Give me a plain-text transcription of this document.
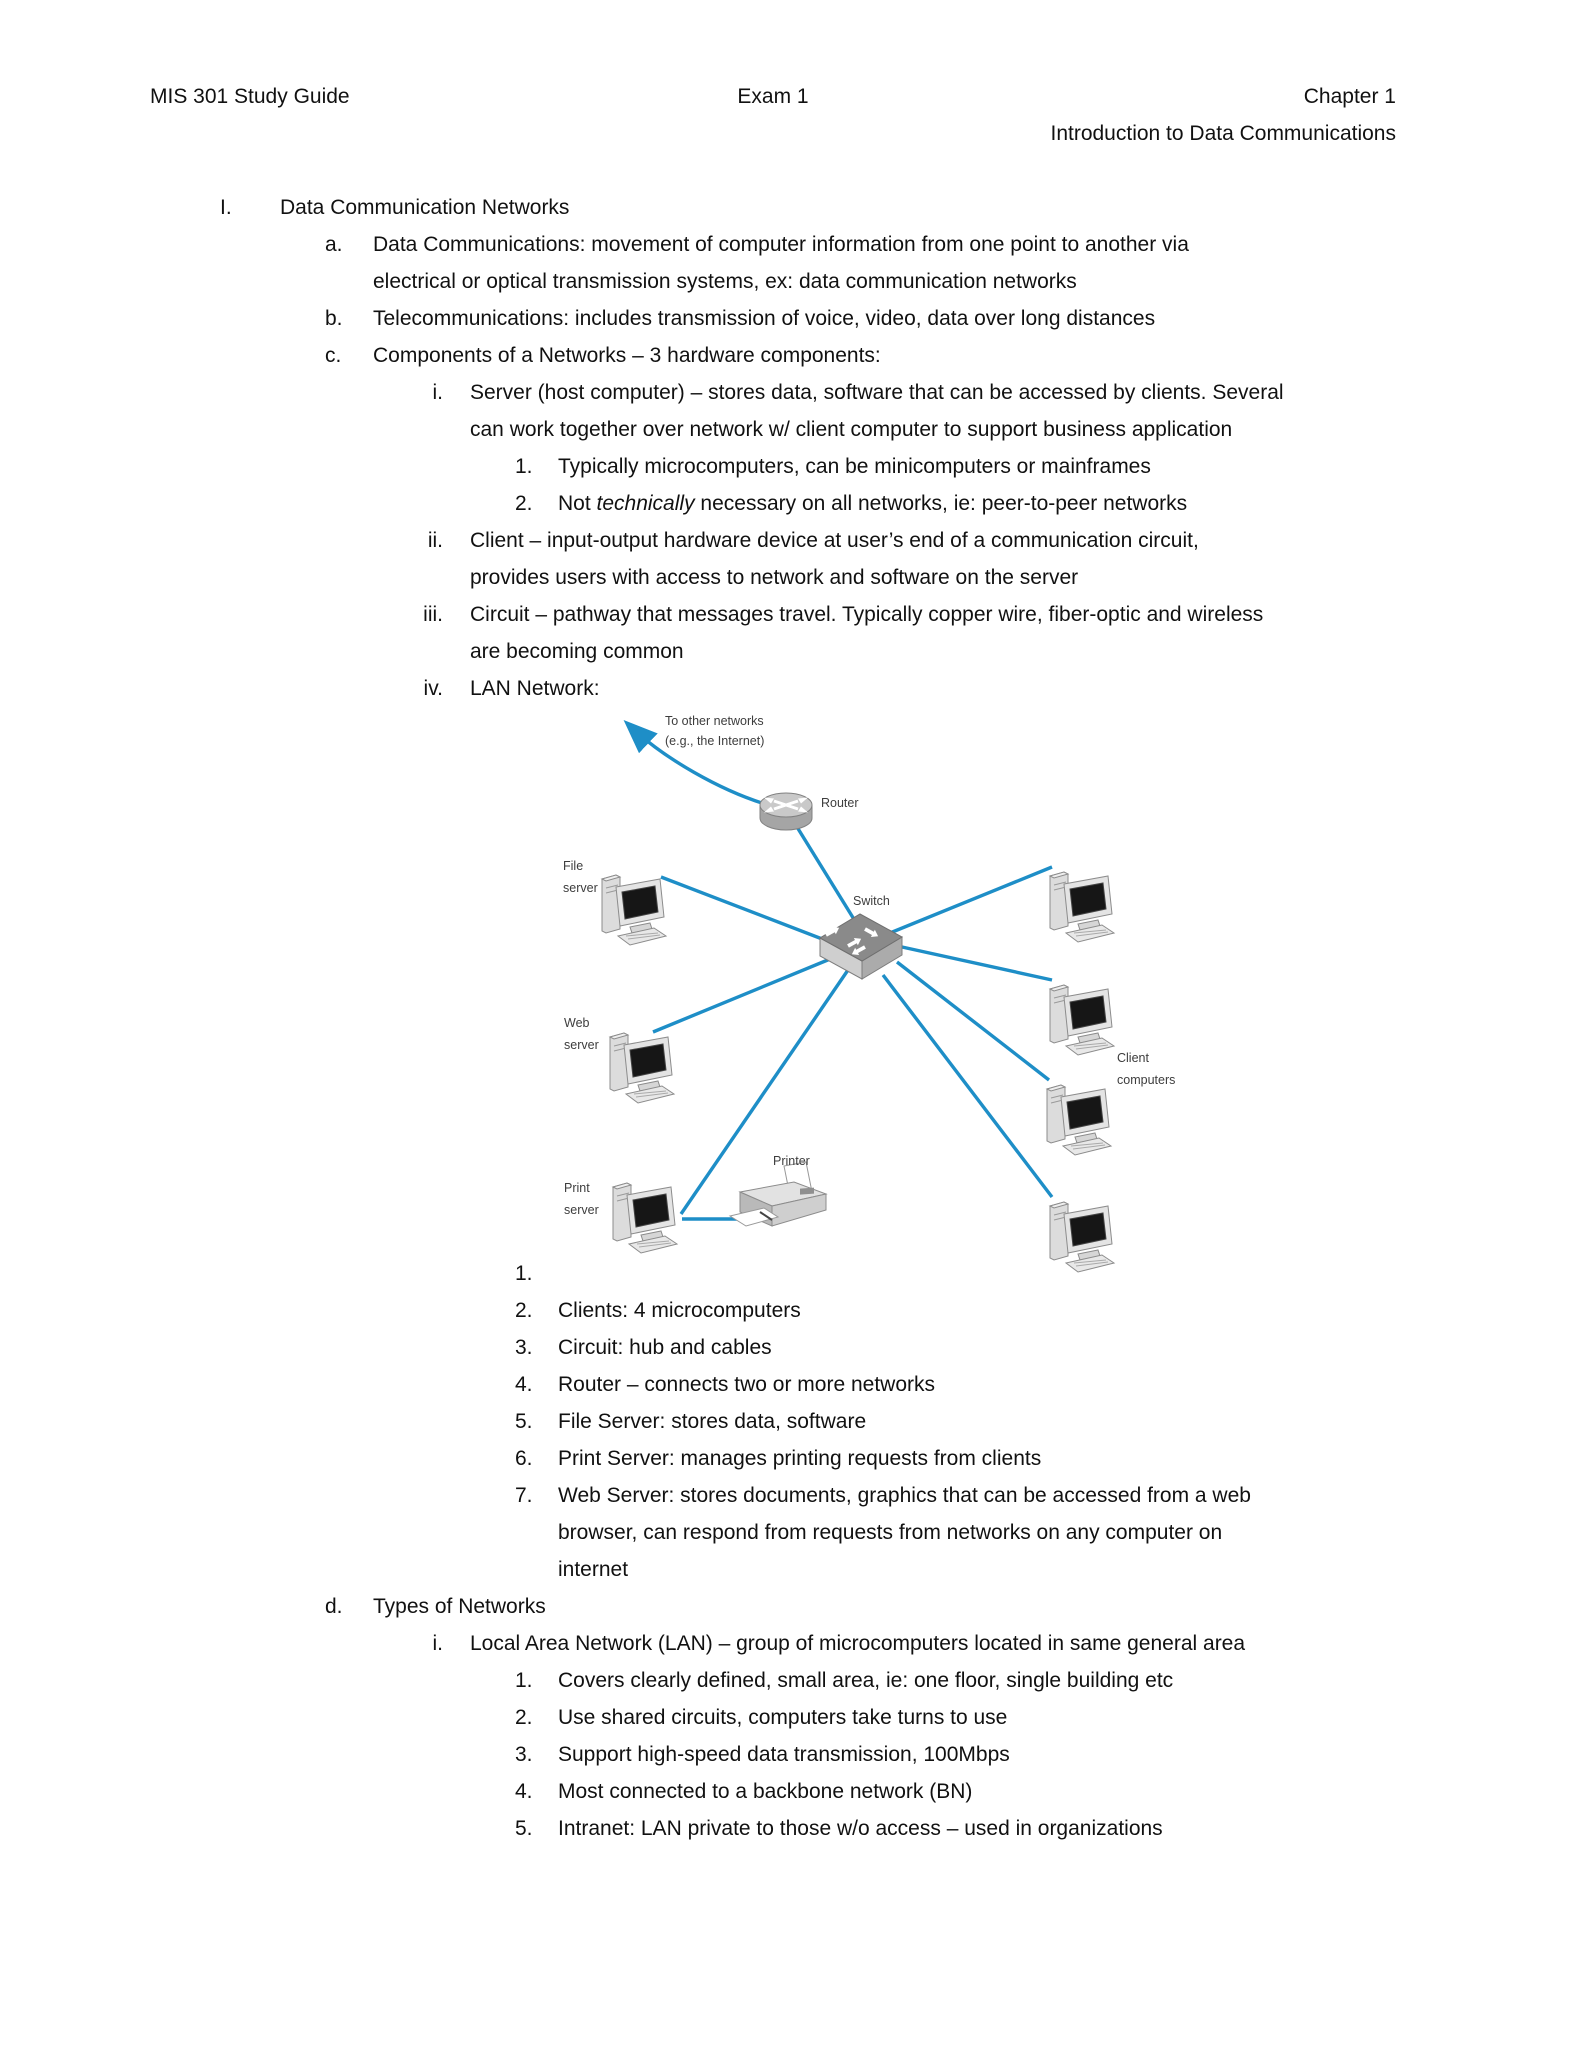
MIS 301 Study Guide	Exam 1	Chapter 1
Introduction to Data Communications
I. Data Communication Networks
a. Data Communications: movement of computer information from one point to another via
electrical or optical transmission systems, ex: data communication networks
b. Telecommunications: includes transmission of voice, video, data over long distances
c. Components of a Networks – 3 hardware components:
i. Server (host computer) – stores data, software that can be accessed by clients. Several
can work together over network w/ client computer to support business application
1. Typically microcomputers, can be minicomputers or mainframes
2. Not technically necessary on all networks, ie: peer-to-peer networks
ii. Client – input-output hardware device at user’s end of a communication circuit,
provides users with access to network and software on the server
iii. Circuit – pathway that messages travel. Typically copper wire, fiber-optic and wireless
are becoming common
iv. LAN Network:
To other networks
(e.g., the Internet)
Router
Switch
File
server
Web
server
Print
server
Printer
Client
computers
1.
2. Clients: 4 microcomputers
3. Circuit: hub and cables
4. Router – connects two or more networks
5. File Server: stores data, software
6. Print Server: manages printing requests from clients
7. Web Server: stores documents, graphics that can be accessed from a web
browser, can respond from requests from networks on any computer on
internet
d. Types of Networks
i. Local Area Network (LAN) – group of microcomputers located in same general area
1. Covers clearly defined, small area, ie: one floor, single building etc
2. Use shared circuits, computers take turns to use
3. Support high-speed data transmission, 100Mbps
4. Most connected to a backbone network (BN)
5. Intranet: LAN private to those w/o access – used in organizations
